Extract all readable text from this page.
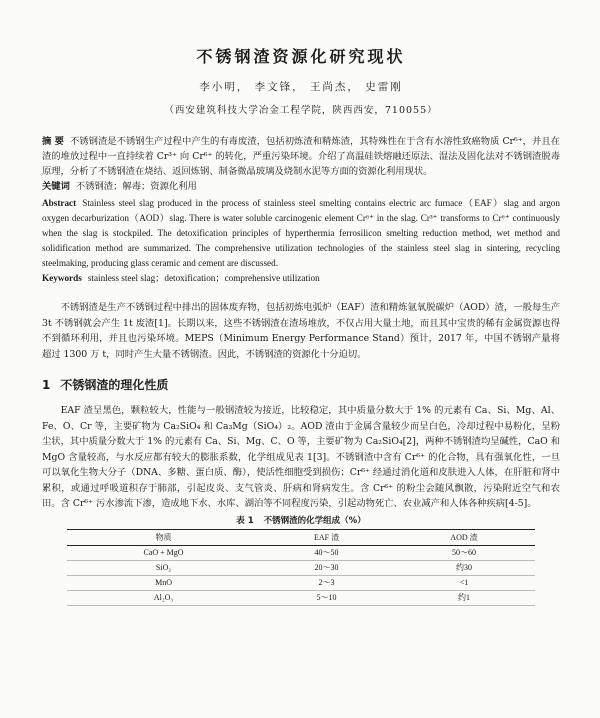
不锈钢渣资源化研究现状
李小明， 李文锋， 王尚杰， 史雷刚
（西安建筑科技大学冶金工程学院，陕西西安，710055）
摘 要 不锈钢渣是不锈钢生产过程中产生的有毒废渣，包括初炼渣和精炼渣，其特殊性在于含有水溶性致癌物质 Cr⁶⁺，并且在渣的堆放过程中一直持续着 Cr³⁺ 向 Cr⁶⁺ 的转化，严重污染环境。介绍了高温硅铁熔融还原法、湿法及固化法对不锈钢渣脱毒原理，分析了不锈钢渣在烧结、返回炼钢、制备微晶玻璃及烧制水泥等方面的资源化利用现状。
关键词 不锈钢渣；解毒；资源化利用
Abstract Stainless steel slag produced in the process of stainless steel smelting contains electric arc furnace（EAF）slag and argon oxygen decarburization（AOD）slag. There is water soluble carcinogenic element Cr⁶⁺ in the slag. Cr³⁺ transforms to Cr⁶⁺ continuously when the slag is stockpiled. The detoxification principles of hyperthermia ferrosilicon smelting reduction method, wet method and solidification method are summarized. The comprehensive utilization technologies of the stainless steel slag in sintering, recycling steelmaking, producing glass ceramic and cement are discussed.
Keywords stainless steel slag；detoxification；comprehensive utilization
不锈钢渣是生产不锈钢过程中排出的固体废弃物，包括初炼电弧炉（EAF）渣和精炼氩氧脱碳炉（AOD）渣，一般每生产 3t 不锈钢就会产生 1t 废渣[1]。长期以来，这些不锈钢渣在渣场堆放，不仅占用大量土地，而且其中宝贵的稀有金属资源也得不到循环利用，并且也污染环境。MEPS（Minimum Energy Performance Stand）预计，2017 年，中国不锈钢产量将超过 1300 万 t，同时产生大量不锈钢渣。因此，不锈钢渣的资源化十分迫切。
1 不锈钢渣的理化性质
EAF 渣呈黑色，颗粒较大，性能与一般钢渣较为接近，比较稳定，其中质量分数大于 1% 的元素有 Ca、Si、Mg、Al、Fe、O、Cr 等，主要矿物为 Ca₂SiO₄ 和 Ca₃Mg（SiO₄）₂。AOD 渣由于金属含量较少而呈白色，冷却过程中易粉化，呈粉尘状，其中质量分数大于 1% 的元素有 Ca、Si、Mg、C、O 等，主要矿物为 Ca₂SiO₄[2]，两种不锈钢渣均呈碱性，CaO 和 MgO 含量较高，与水反应都有较大的膨胀系数，化学组成见表 1[3]。不锈钢渣中含有 Cr⁶⁺ 的化合物，具有强氧化性，一旦可以氧化生物大分子（DNA、多糖、蛋白质、酶），使活性细胞受到损伤；Cr⁶⁺ 经通过消化道和皮肤进入人体，在肝脏和肾中累积，或通过呼吸道积存于肺部，引起皮炎、支气管炎、肝病和肾病发生。含 Cr⁶⁺ 的粉尘会随风飘散，污染附近空气和农田。含 Cr⁶⁺ 污水渗流下渗，造成地下水、水库、湖泊等不同程度污染，引起动物死亡、农业减产和人体各种疾病[4-5]。
表 1 不锈钢渣的化学组成（%）
物质	EAF 渣	AOD 渣
CaO + MgO	40～50	50～60
SiO₂	20～30	约30
MnO	2～3	<1
Al₂O₃	5～10	约1
